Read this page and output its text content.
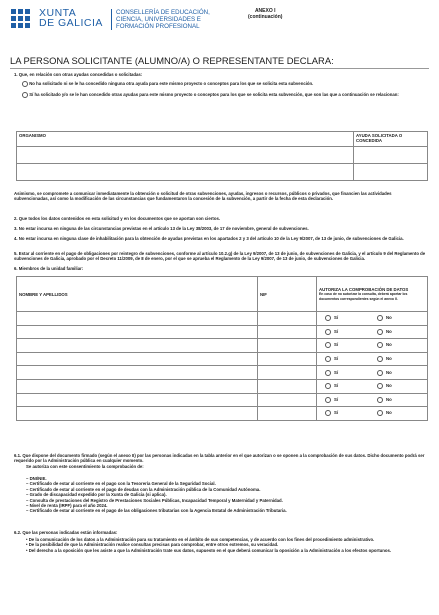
XUNTA
DE GALICIA
CONSELLERÍA DE EDUCACIÓN,
CIENCIA, UNIVERSIDADES E
FORMACIÓN PROFESIONAL
ANEXO I
(continuación)
LA PERSONA SOLICITANTE (ALUMNO/A) O REPRESENTANTE DECLARA:
1. Que, en relación con otras ayudas concedidas o solicitadas:
No ha solicitado ni se le ha concedido ninguna otra ayuda para este mismo proyecto o conceptos para los que se solicita esta subvención.
Sí ha solicitado y/o se le han concedido otras ayudas para este mismo proyecto o conceptos para los que se solicita esta subvención, que son las que a continuación se relacionan:
ORGANISMO	AYUDA SOLICITADA O CONCEDIDA

Asimismo, se compromete a comunicar inmediatamente la obtención o solicitud de otras subvenciones, ayudas, ingresos o recursos, públicos o privados, que financien las actividades subvencionadas, así como la modificación de las circunstancias que fundamentaron la concesión de la subvención, a partir de la fecha de esta declaración.
2. Que todos los datos contenidos en esta solicitud y en los documentos que se aportan son ciertos.
3. No estar incursa en ninguna de las circunstancias previstas en el artículo 13 de la Ley 38/2003, de 17 de noviembre, general de subvenciones.
4. No estar incursa en ninguna clase de inhabilitación para la obtención de ayudas previstas en los apartados 2 y 3 del artículo 10 de la Ley 9/2007, de 13 de junio, de subvenciones de Galicia.
5. Estar al corriente en el pago de obligaciones por reintegro de subvenciones, conforme al artículo 10.2.g) de la Ley 9/2007, de 13 de junio, de subvenciones de Galicia, y el artículo 9 del Reglamento de subvenciones de Galicia, aprobado por el Decreto 11/2009, de 8 de enero, por el que se aprueba el Reglamento de la Ley 9/2007, de 13 de junio, de subvenciones de Galicia.
6. Miembros de la unidad familiar:
NOMBRE Y APELLIDOS	NIF	AUTORIZA LA COMPROBACIÓN DE DATOS
En caso de no autorizar la consulta, deberá aportar los documentos correspondientes según el anexo II.

		Sí No
		Sí No
		Sí No
		Sí No
		Sí No
		Sí No
		Sí No
		Sí No
6.1. Que dispone del documento firmado (según el anexo II) por las personas indicadas en la tabla anterior en el que autorizan o se oponen a la comprobación de sus datos. Dicho documento podrá ser requerido por la Administración pública en cualquier momento.
Se autoriza con este consentimiento la comprobación de:
– DNI/NIE.
– Certificado de estar al corriente en el pago con la Tesorería General de la Seguridad Social.
– Certificado de estar al corriente en el pago de deudas con la Administración pública de la Comunidad Autónoma.
– Grado de discapacidad expedido por la Xunta de Galicia (si aplica).
– Consulta de prestaciones del Registro de Prestaciones Sociales Públicas, Incapacidad Temporal y Maternidad y Paternidad.
– Nivel de renta (IRPF) para el año 2024.
– Certificado de estar al corriente en el pago de las obligaciones tributarias con la Agencia Estatal de Administración Tributaria.
6.2. Que las personas indicadas están informadas:
• De la comunicación de los datos a la Administración para su tratamiento en el ámbito de sus competencias, y de acuerdo con los fines del procedimiento administrativo.
• De la posibilidad de que la Administración realice consultas precisas para comprobar, entre otros extremos, su veracidad.
• Del derecho a la oposición que les asiste a que la Administración trate sus datos, supuesto en el que deberá comunicar la oposición a la Administración a los efectos oportunos.
